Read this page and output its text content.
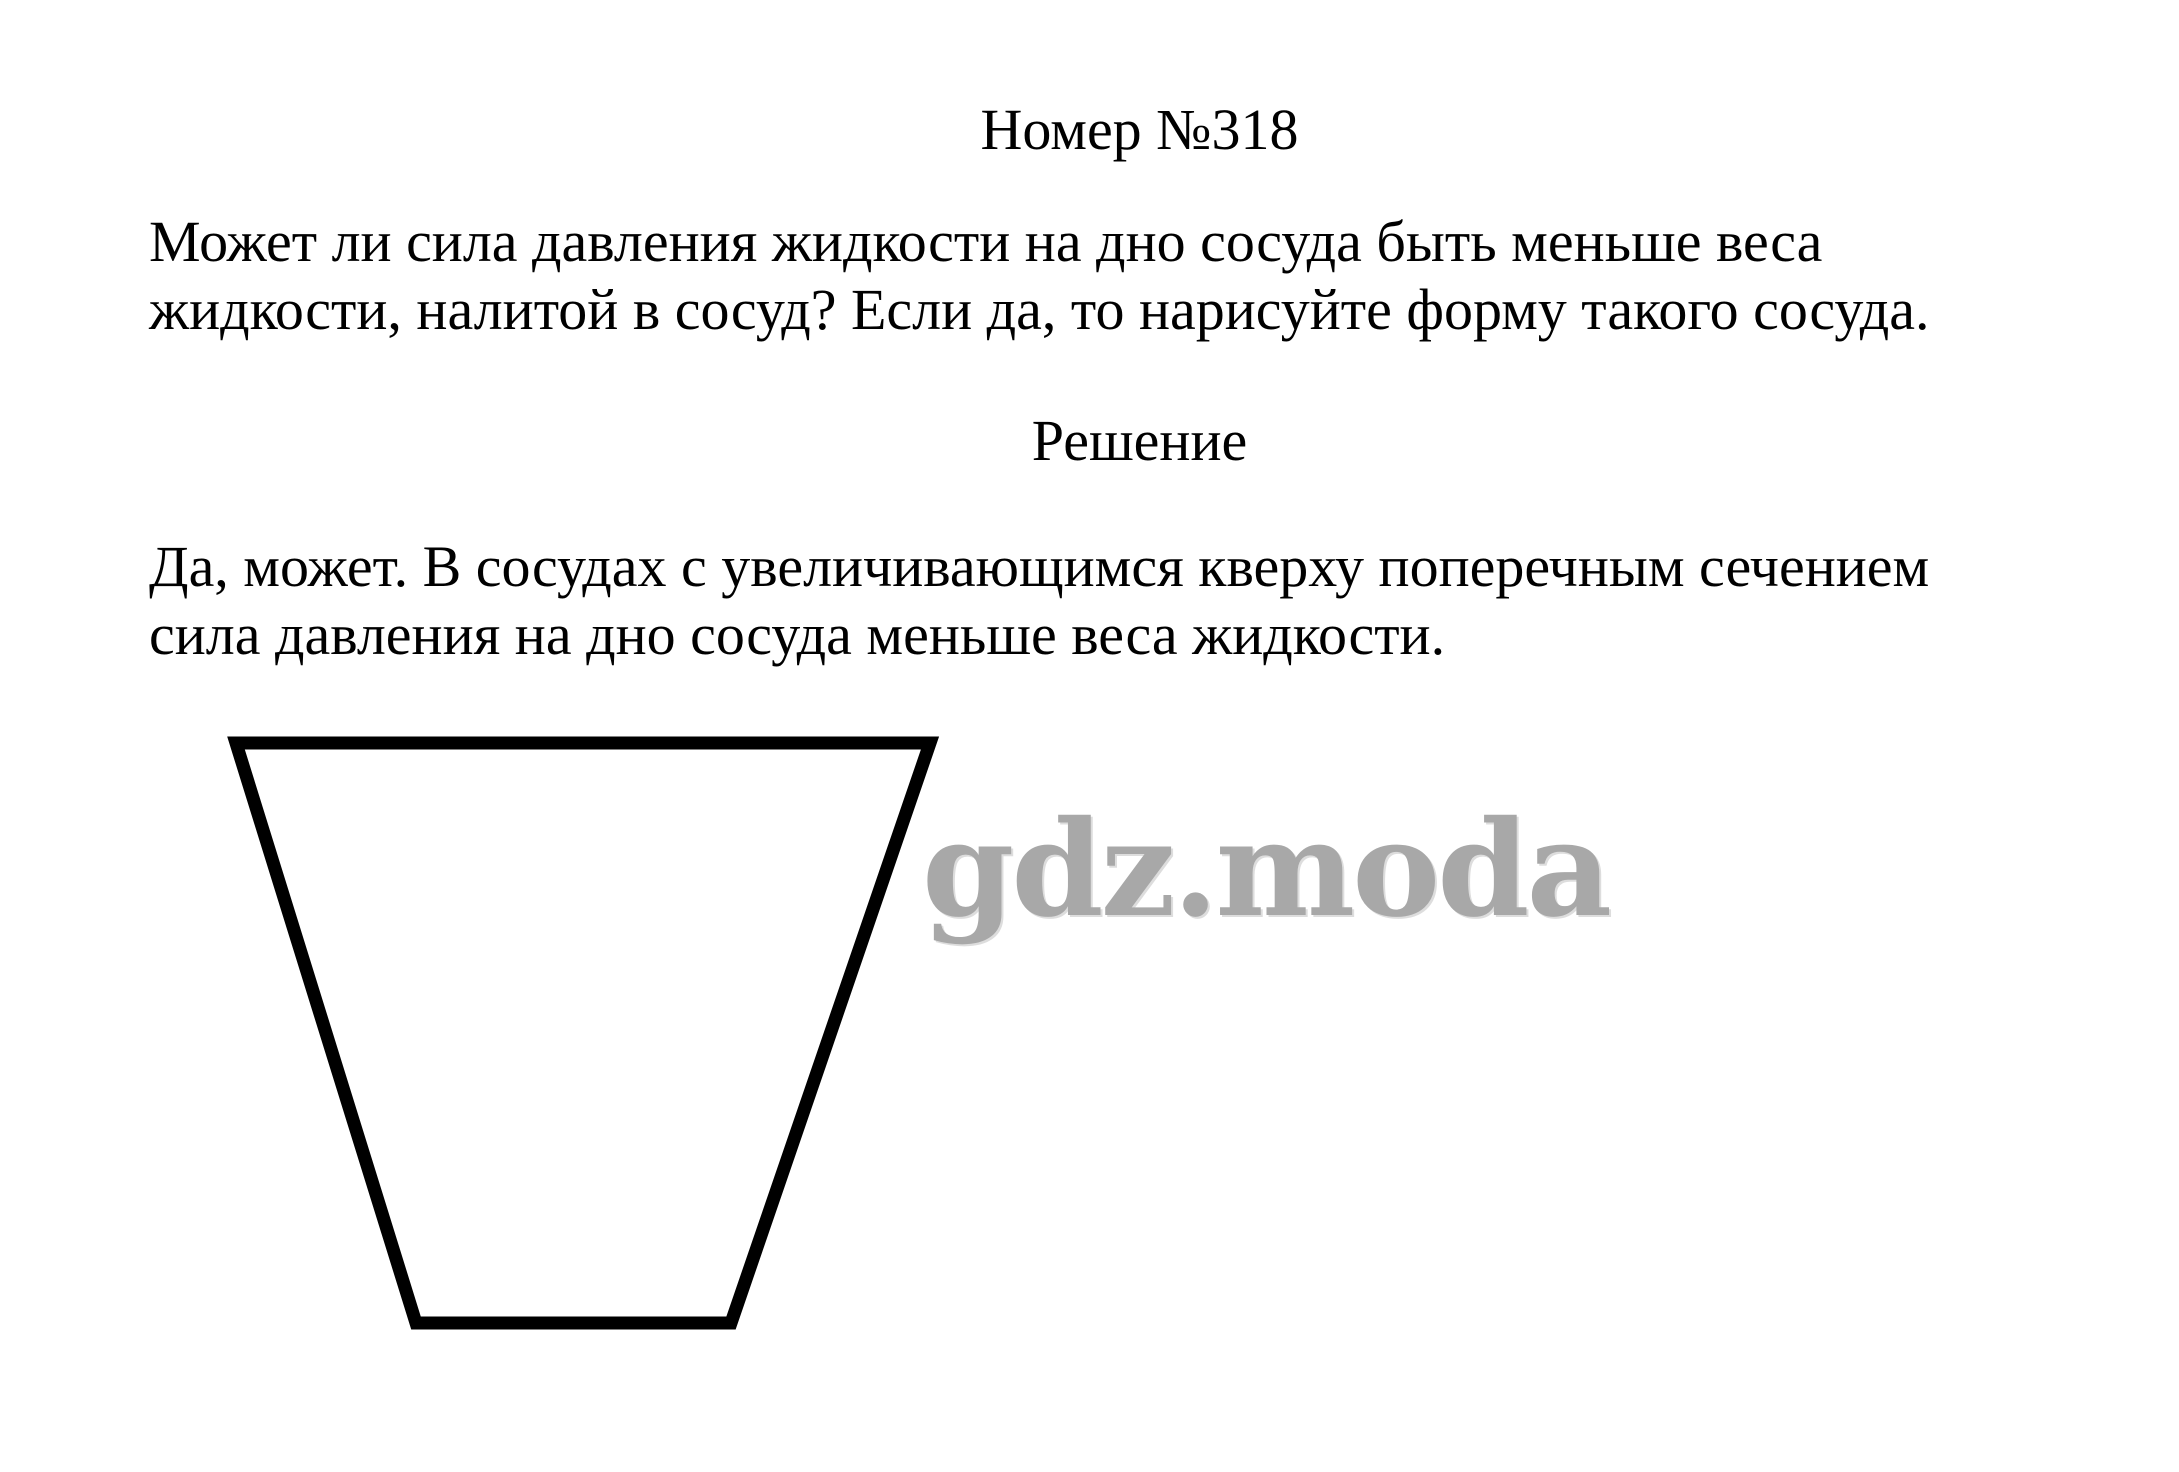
Номер №318

Может ли сила давления жидкости на дно сосуда быть меньше веса
жидкости, налитой в сосуд? Если да, то нарисуйте форму такого сосуда.

Решение

Да, может. В сосудах с увеличивающимся кверху поперечным сечением
сила давления на дно сосуда меньше веса жидкости.

gdz.moda
